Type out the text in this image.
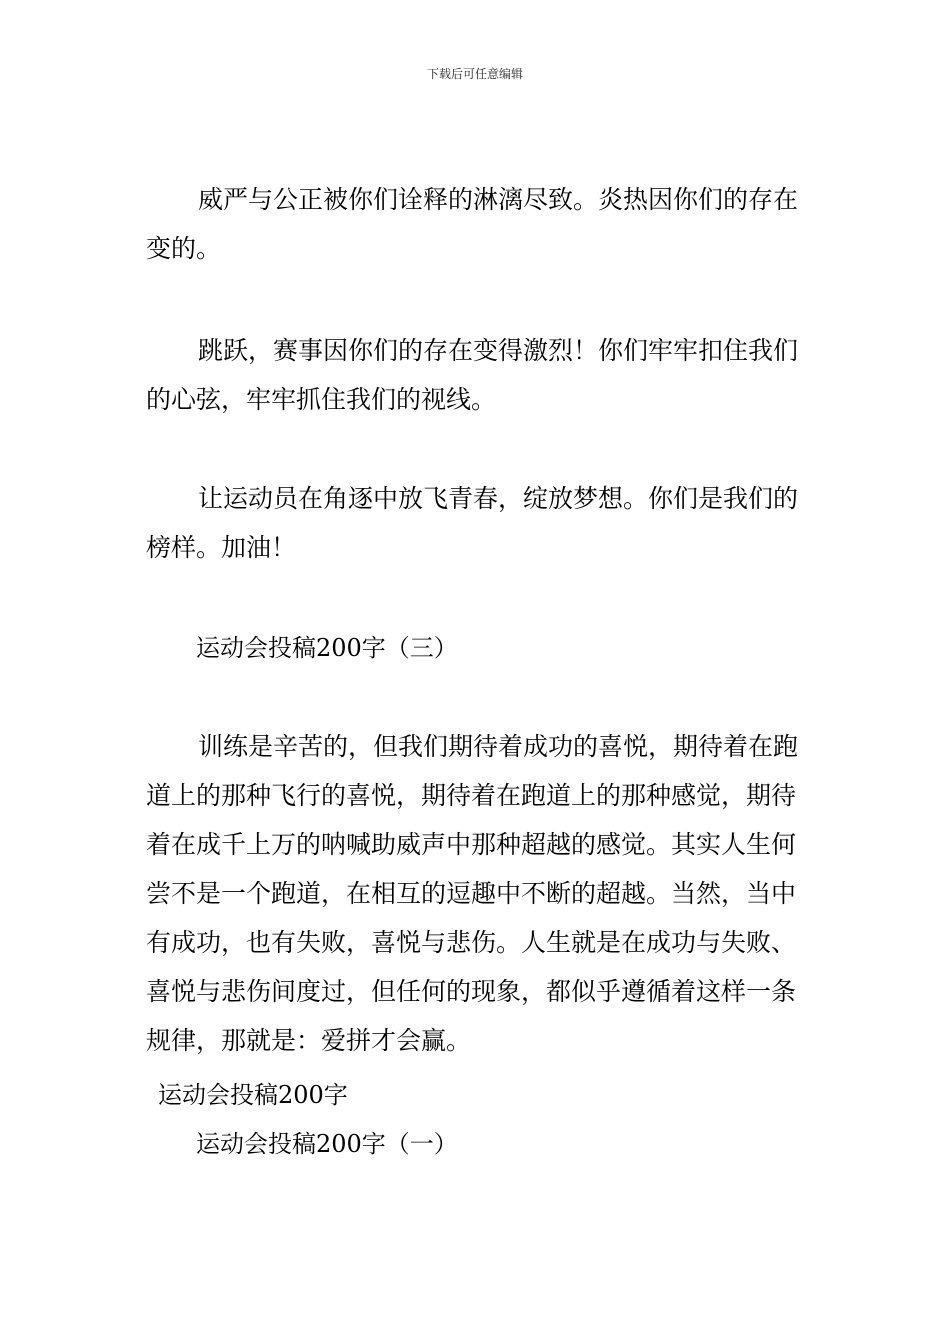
下载后可任意编辑

威严与公正被你们诠释的淋漓尽致。炎热因你们的存在变的。

跳跃，赛事因你们的存在变得激烈！你们牢牢扣住我们的心弦，牢牢抓住我们的视线。

让运动员在角逐中放飞青春，绽放梦想。你们是我们的榜样。加油！

运动会投稿200字（三）

训练是辛苦的，但我们期待着成功的喜悦，期待着在跑道上的那种飞行的喜悦，期待着在跑道上的那种感觉，期待着在成千上万的呐喊助威声中那种超越的感觉。其实人生何尝不是一个跑道，在相互的逗趣中不断的超越。当然，当中有成功，也有失败，喜悦与悲伤。人生就是在成功与失败、喜悦与悲伤间度过，但任何的现象，都似乎遵循着这样一条规律，那就是：爱拼才会赢。

运动会投稿200字

运动会投稿200字（一）
